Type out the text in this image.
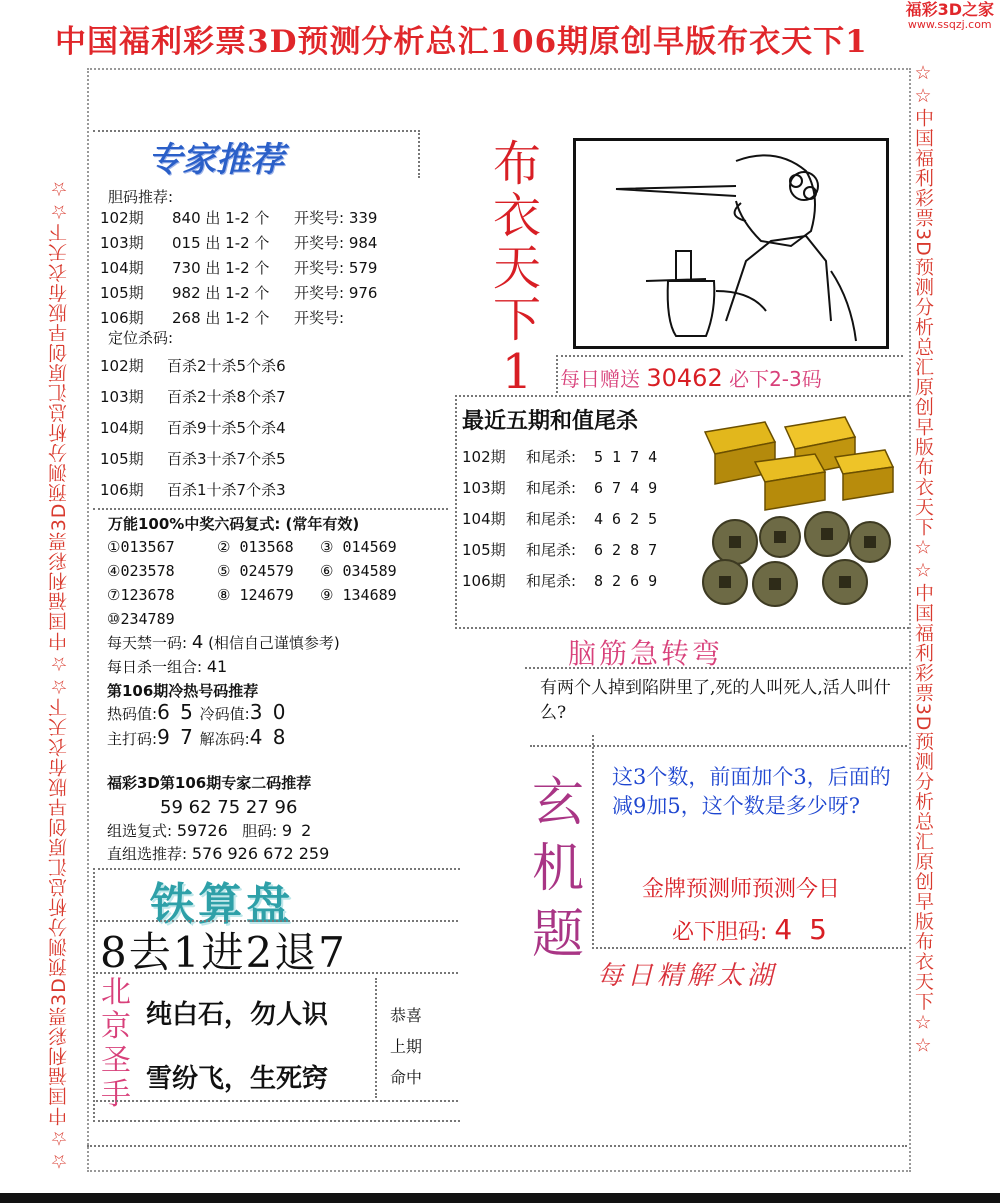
中国福利彩票3D预测分析总汇106期原创早版布衣天下1
福彩3D之家
www.ssqzj.com
☆☆中国福利彩票3D预测分析总汇原创早版布衣天下☆☆中国福利彩票3D预测分析总汇原创早版布衣天下☆☆	☆☆中国福利彩票3D预测分析总汇原创早版布衣天下☆☆中国福利彩票3D预测分析总汇原创早版布衣天下☆☆
专家推荐
胆码推荐:
102期 840 出 1-2 个 开奖号: 339
103期 015 出 1-2 个 开奖号: 984
104期 730 出 1-2 个 开奖号: 579
105期 982 出 1-2 个 开奖号: 976
106期 268 出 1-2 个 开奖号:
定位杀码:
102期 百杀2十杀5个杀6
103期 百杀2十杀8个杀7
104期 百杀9十杀5个杀4
105期 百杀3十杀7个杀5
106期 百杀1十杀7个杀3
万能100%中奖六码复式: (常年有效)
①013567	② 013568 ③ 014569
④023578	⑤ 024579 ⑥ 034589
⑦123678	⑧ 124679 ⑨ 134689
⑩234789
每天禁一码: 4 (相信自己谨慎参考)
每日杀一组合: 41
第106期冷热号码推荐
热码值:6 5 冷码值:3 0
主打码:9 7 解冻码:4 8
福彩3D第106期专家二码推荐
59 62 75 27 96
组选复式: 59726 胆码: 9 2
直组选推荐: 576 926 672 259
铁算盘
8去1进2退7
北
京
圣
手
纯白石，勿人识
雪纷飞，生死窍
恭喜
上期
命中
布
衣
天
下
1	每日赠送 30462 必下2-3码
最近五期和值尾杀
102期 和尾杀: 5 1 7 4
103期 和尾杀: 6 7 4 9
104期 和尾杀: 4 6 2 5
105期 和尾杀: 6 2 8 7
106期 和尾杀: 8 2 6 9
脑筋急转弯
有两个人掉到陷阱里了,死的人叫死人,活人叫什么?
玄
机
题
这3个数，前面加个3，后面的减9加5，这个数是多少呀?
金牌预测师预测今日
必下胆码: 4 5
每日精解太湖
